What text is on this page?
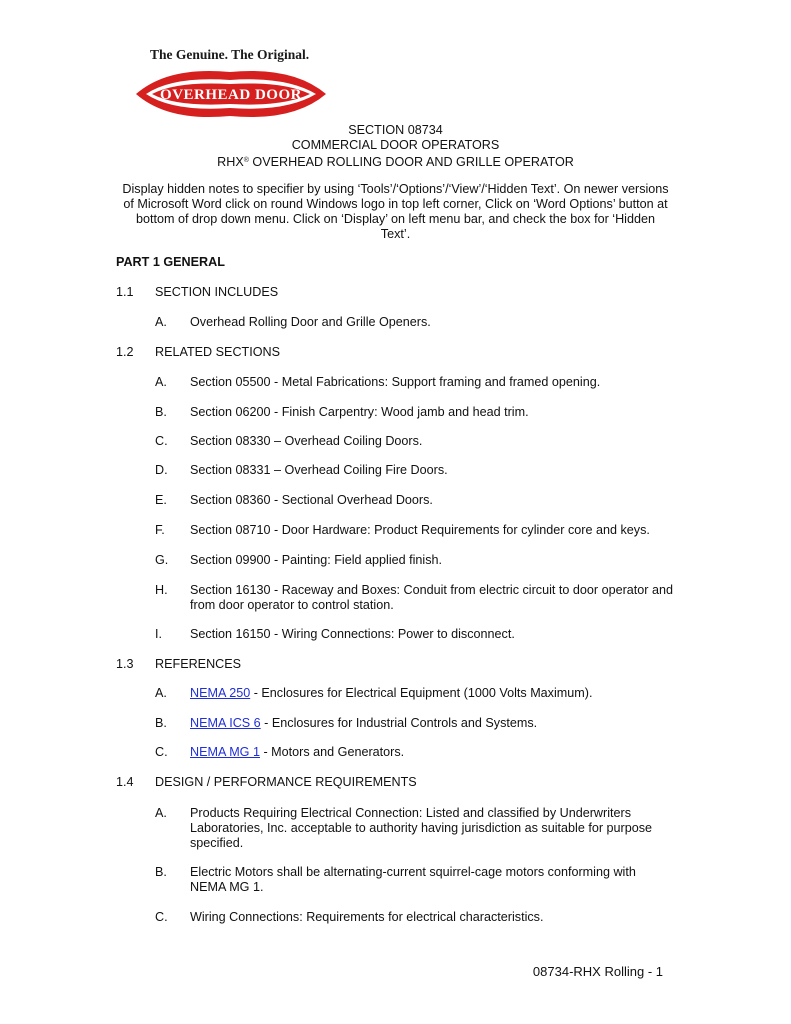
The Genuine. The Original.
OVERHEAD DOOR
SECTION 08734
COMMERCIAL DOOR OPERATORS
RHX® OVERHEAD ROLLING DOOR AND GRILLE OPERATOR
Display hidden notes to specifier by using ‘Tools’/‘Options’/‘View’/‘Hidden Text’. On newer versions of Microsoft Word click on round Windows logo in top left corner, Click on ‘Word Options’ button at bottom of drop down menu. Click on ‘Display’ on left menu bar, and check the box for ‘Hidden Text’.
PART 1 GENERAL
1.1 SECTION INCLUDES
A. Overhead Rolling Door and Grille Openers.
1.2 RELATED SECTIONS
A. Section 05500 - Metal Fabrications: Support framing and framed opening.
B. Section 06200 - Finish Carpentry: Wood jamb and head trim.
C. Section 08330 – Overhead Coiling Doors.
D. Section 08331 – Overhead Coiling Fire Doors.
E. Section 08360 - Sectional Overhead Doors.
F. Section 08710 - Door Hardware: Product Requirements for cylinder core and keys.
G. Section 09900 - Painting: Field applied finish.
H. Section 16130 - Raceway and Boxes: Conduit from electric circuit to door operator and from door operator to control station.
I. Section 16150 - Wiring Connections: Power to disconnect.
1.3 REFERENCES
A. NEMA 250 - Enclosures for Electrical Equipment (1000 Volts Maximum).
B. NEMA ICS 6 - Enclosures for Industrial Controls and Systems.
C. NEMA MG 1 - Motors and Generators.
1.4 DESIGN / PERFORMANCE REQUIREMENTS
A. Products Requiring Electrical Connection: Listed and classified by Underwriters Laboratories, Inc. acceptable to authority having jurisdiction as suitable for purpose specified.
B. Electric Motors shall be alternating-current squirrel-cage motors conforming with NEMA MG 1.
C. Wiring Connections: Requirements for electrical characteristics.
08734-RHX Rolling - 1
